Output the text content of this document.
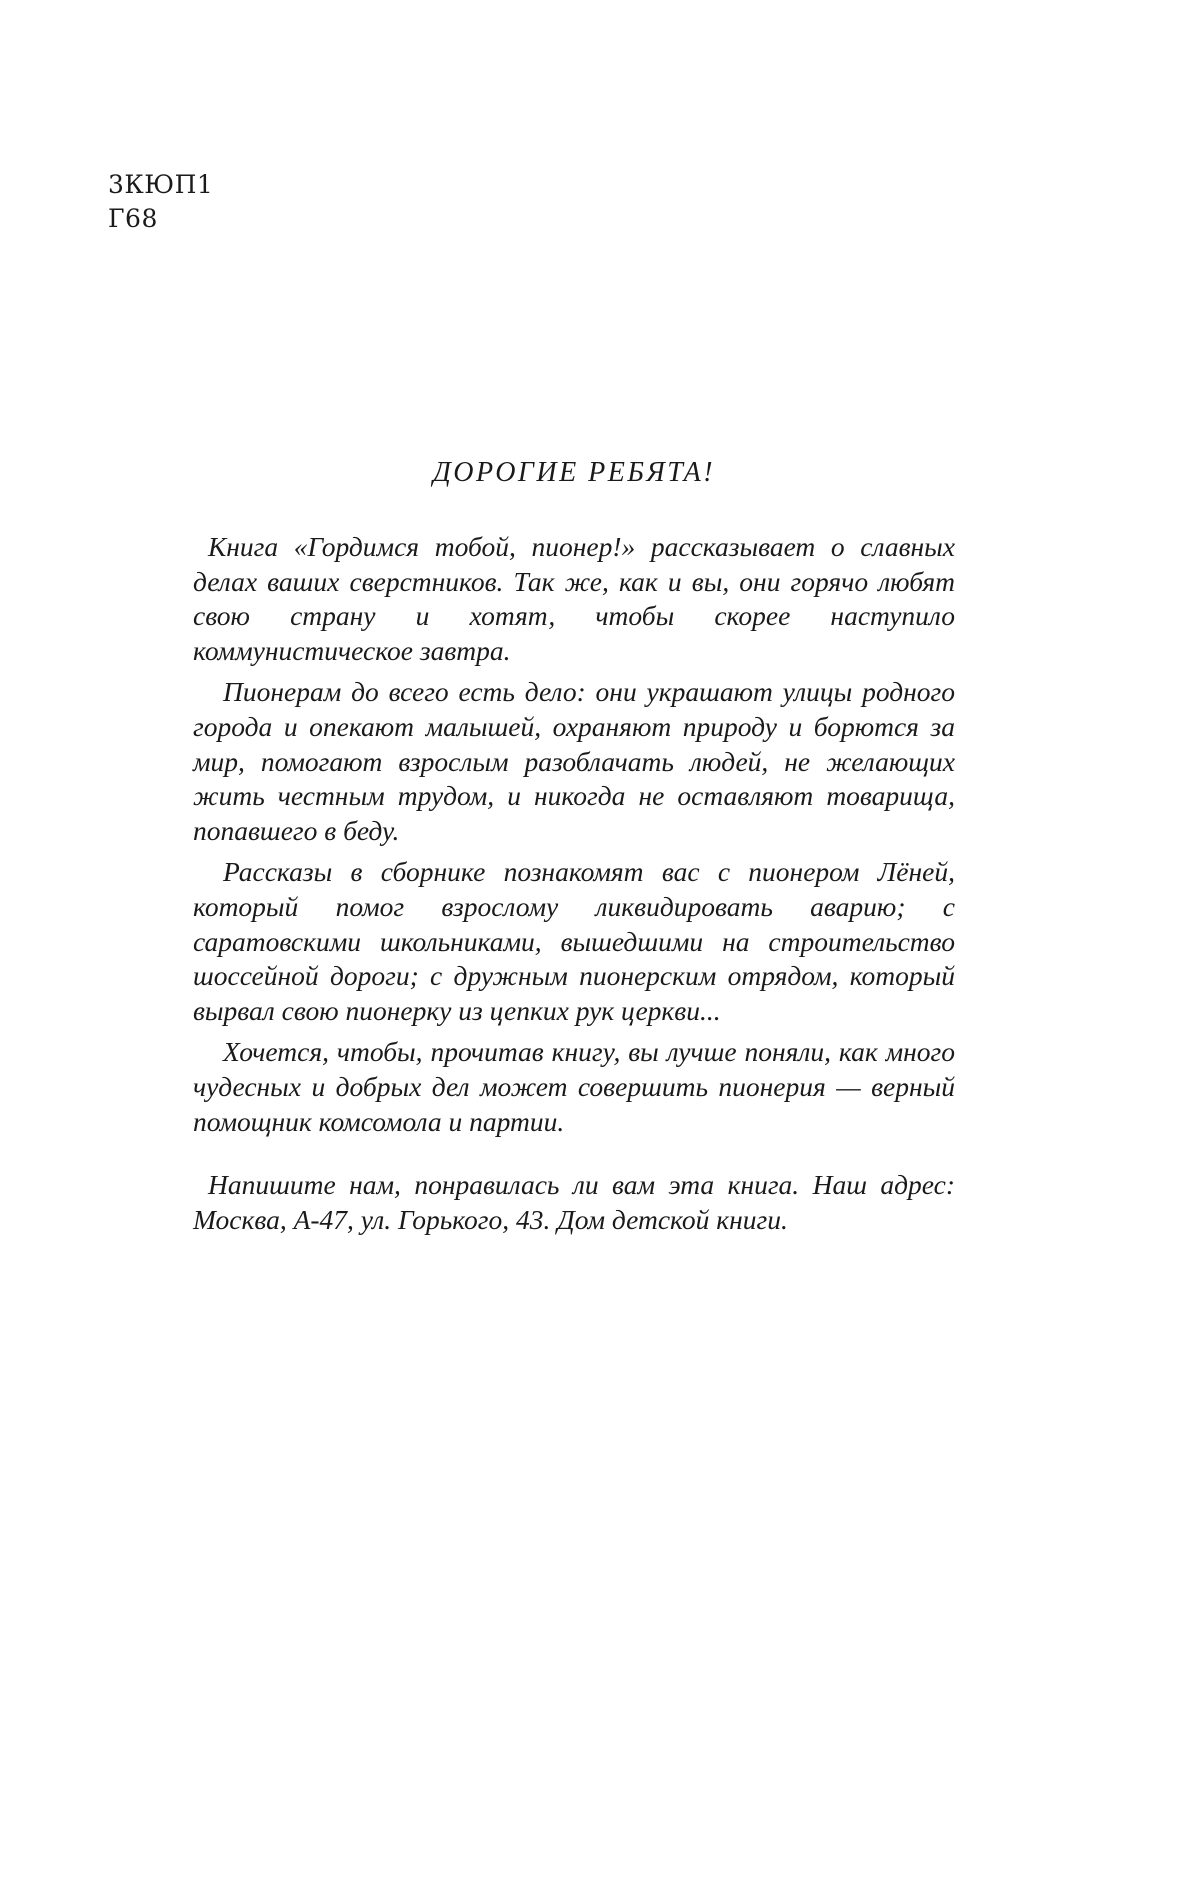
3КЮП1
Г68
ДОРОГИЕ РЕБЯТА!

Книга «Гордимся тобой, пионер!» рассказывает о славных делах ваших сверстников. Так же, как и вы, они горячо любят свою страну и хотят, чтобы скорее наступило коммунистическое завтра.

Пионерам до всего есть дело: они украшают улицы родного города и опекают малышей, охраняют природу и борются за мир, помогают взрослым разоблачать людей, не желающих жить честным трудом, и никогда не оставляют товарища, попавшего в беду.

Рассказы в сборнике познакомят вас с пионером Лёней, который помог взрослому ликвидировать аварию; с саратовскими школьниками, вышедшими на строительство шоссейной дороги; с дружным пионерским отрядом, который вырвал свою пионерку из цепких рук церкви...

Хочется, чтобы, прочитав книгу, вы лучше поняли, как много чудесных и добрых дел может совершить пионерия — верный помощник комсомола и партии.

Напишите нам, понравилась ли вам эта книга. Наш адрес: Москва, А-47, ул. Горького, 43. Дом детской книги.
